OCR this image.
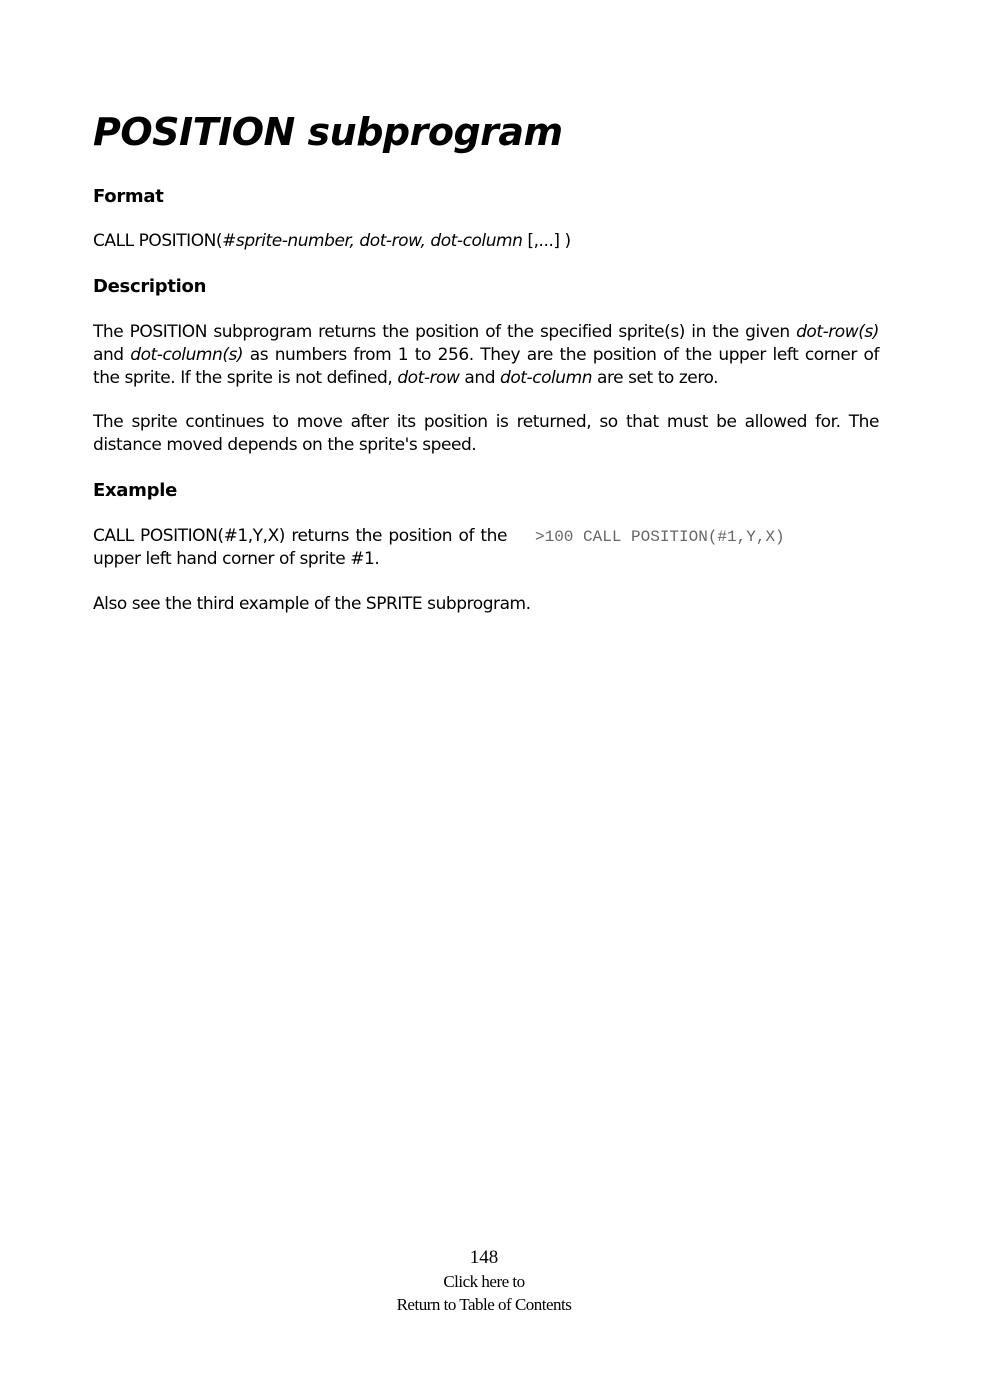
POSITION subprogram
Format

CALL POSITION(#sprite-number, dot-row, dot-column [,...] )

Description

The POSITION subprogram returns the position of the specified sprite(s) in the given dot-row(s) and dot-column(s) as numbers from 1 to 256. They are the position of the upper left corner of the sprite. If the sprite is not defined, dot-row and dot-column are set to zero.

The sprite continues to move after its position is returned, so that must be allowed for. The distance moved depends on the sprite's speed.

Example

CALL POSITION(#1,Y,X) returns the position of the upper left hand corner of sprite #1.

>100 CALL POSITION(#1,Y,X)

Also see the third example of the SPRITE subprogram.

148
Click here to
Return to Table of Contents
